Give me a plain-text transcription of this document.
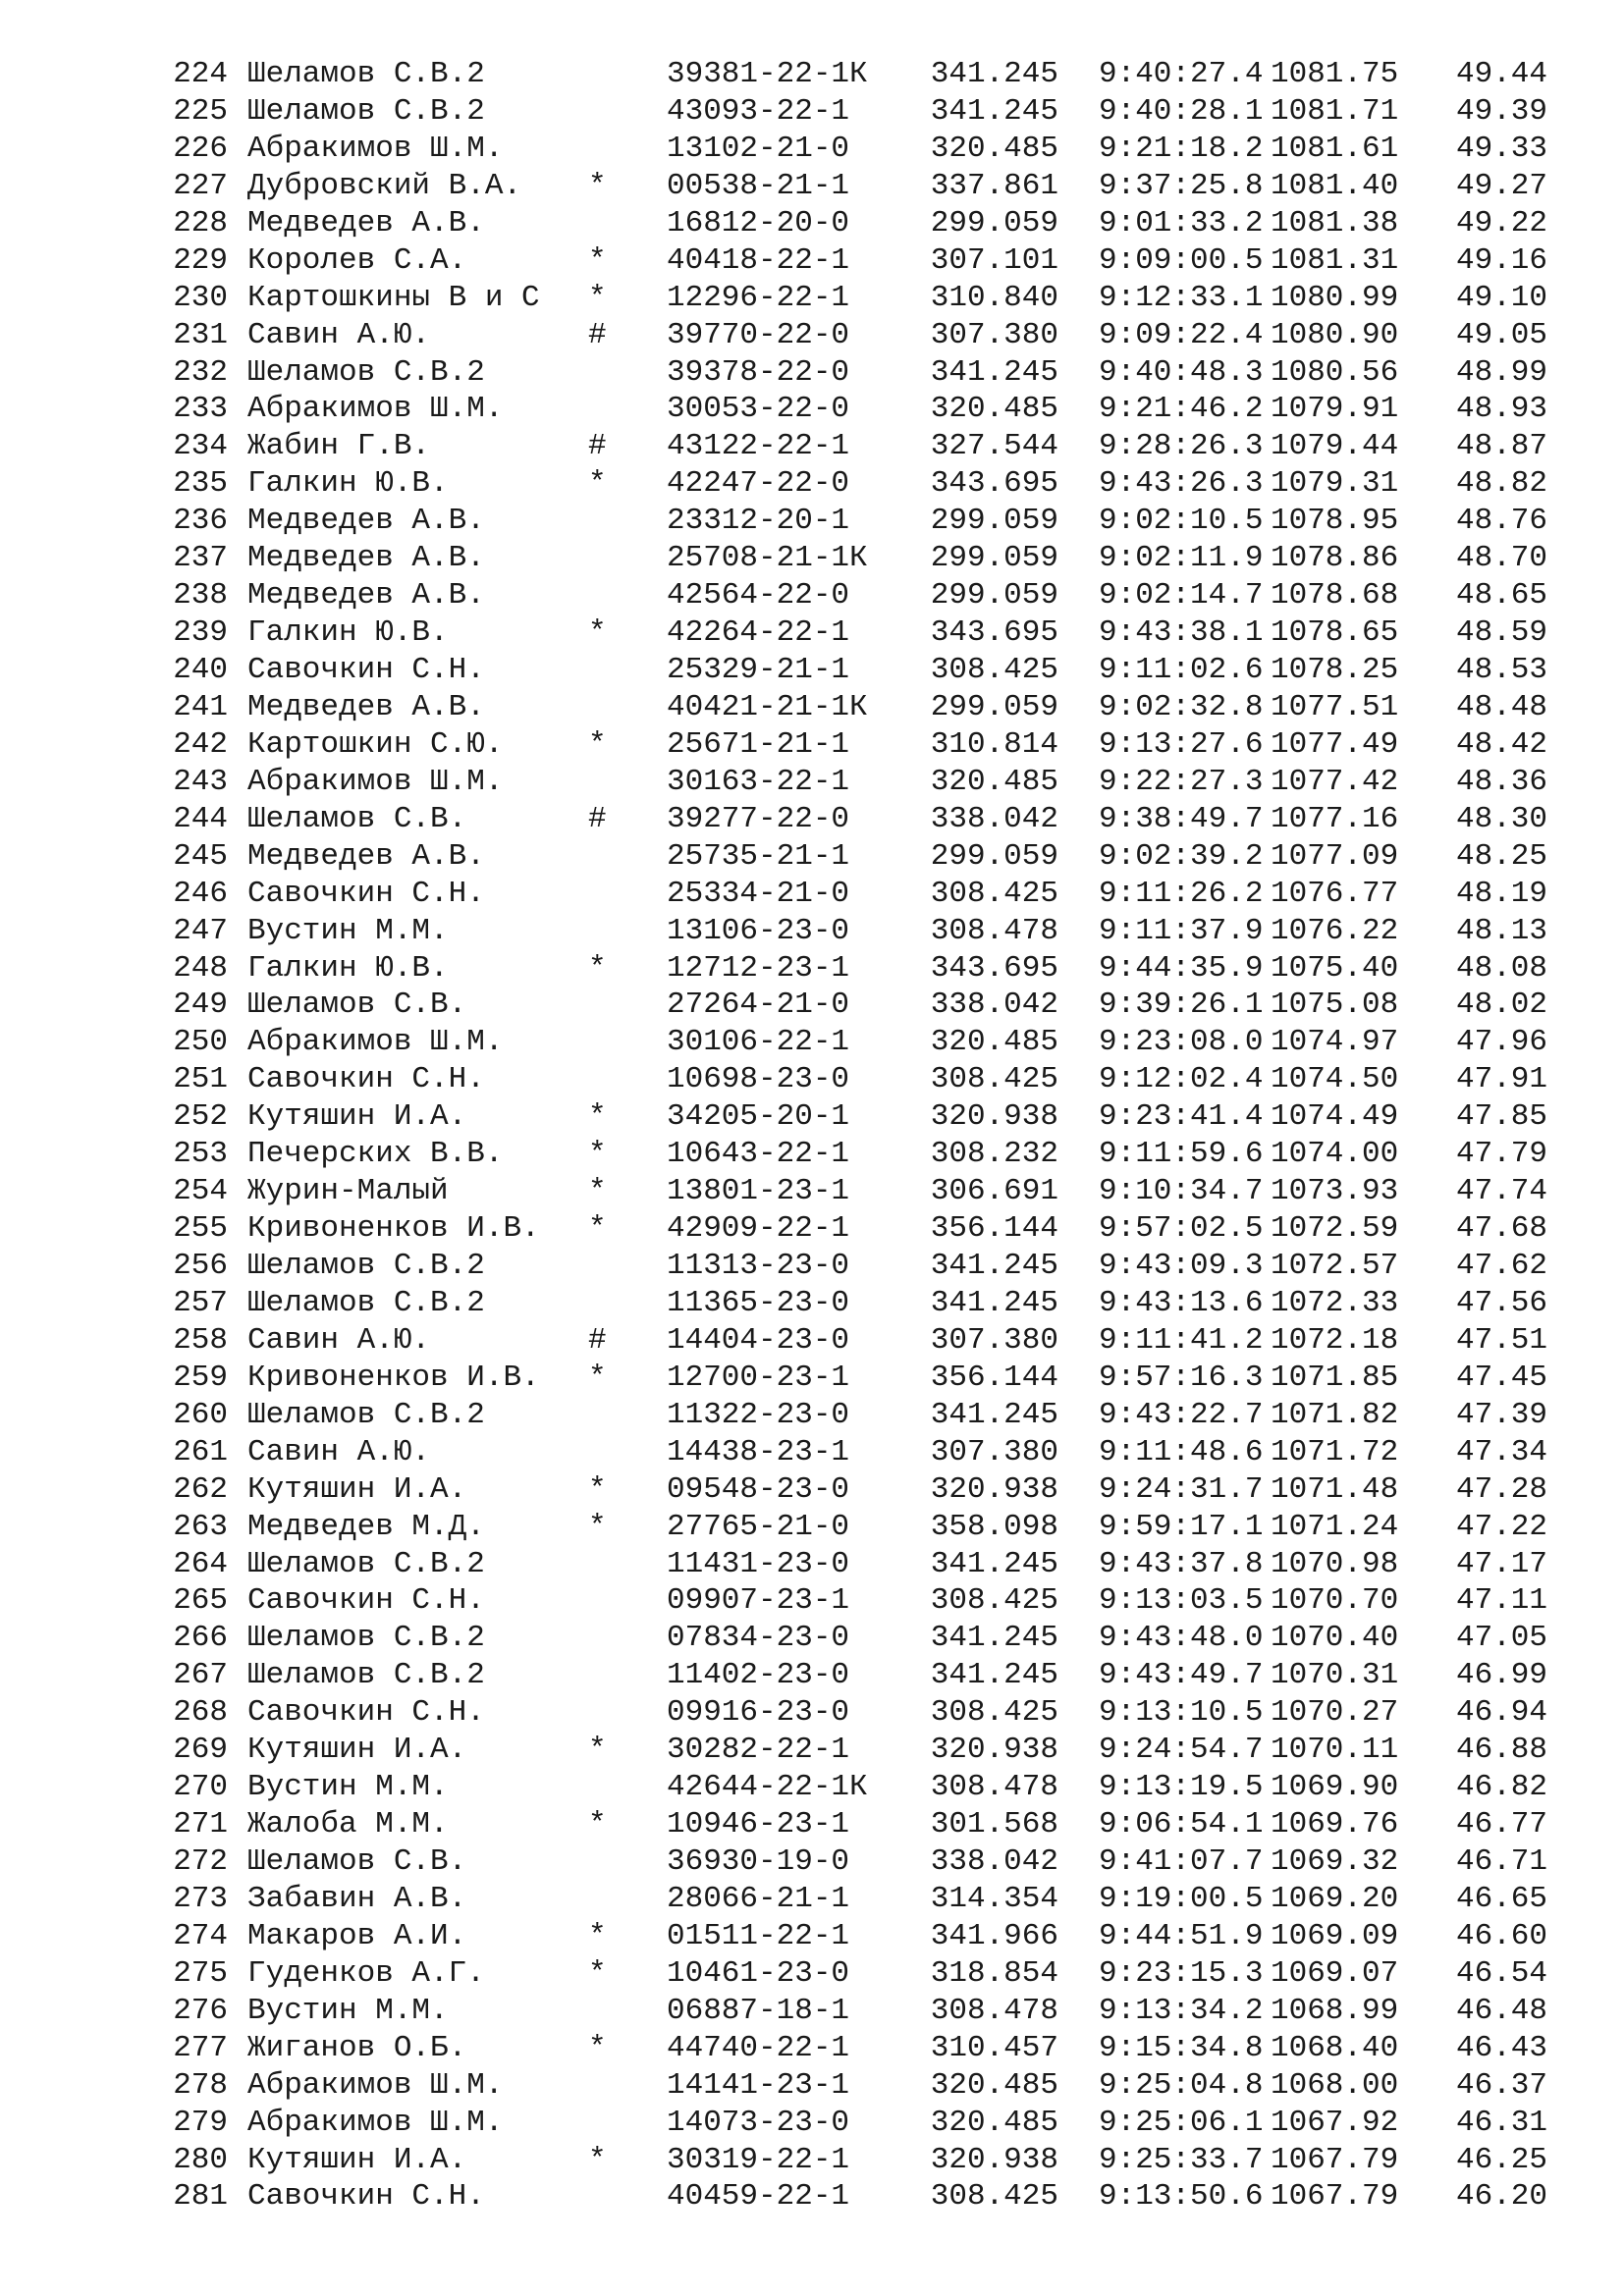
224 Шеламов С.В.2	39381-22-1К	341.245 9:40:27.4 1081.75	49.44
225 Шеламов С.В.2	43093-22-1	341.245 9:40:28.1 1081.71	49.39
226 Абракимов Ш.М.	13102-21-0	320.485 9:21:18.2 1081.61	49.33
227 Дубровский В.А. * 00538-21-1	337.861 9:37:25.8 1081.40	49.27
228 Медведев А.В.	16812-20-0	299.059 9:01:33.2 1081.38	49.22
229 Королев С.А.	* 40418-22-1	307.101 9:09:00.5 1081.31	49.16
230 Картошкины В и С * 12296-22-1	310.840 9:12:33.1 1080.99	49.10
231 Савин А.Ю.	# 39770-22-0	307.380 9:09:22.4 1080.90	49.05
232 Шеламов С.В.2	39378-22-0	341.245 9:40:48.3 1080.56	48.99
233 Абракимов Ш.М.	30053-22-0	320.485 9:21:46.2 1079.91	48.93
234 Жабин Г.В.	# 43122-22-1	327.544 9:28:26.3 1079.44	48.87
235 Галкин Ю.В.	* 42247-22-0	343.695 9:43:26.3 1079.31	48.82
236 Медведев А.В.	23312-20-1	299.059 9:02:10.5 1078.95	48.76
237 Медведев А.В.	25708-21-1К	299.059 9:02:11.9 1078.86	48.70
238 Медведев А.В.	42564-22-0	299.059 9:02:14.7 1078.68	48.65
239 Галкин Ю.В.	* 42264-22-1	343.695 9:43:38.1 1078.65	48.59
240 Савочкин С.Н.	25329-21-1	308.425 9:11:02.6 1078.25	48.53
241 Медведев А.В.	40421-21-1К	299.059 9:02:32.8 1077.51	48.48
242 Картошкин С.Ю.	* 25671-21-1	310.814 9:13:27.6 1077.49	48.42
243 Абракимов Ш.М.	30163-22-1	320.485 9:22:27.3 1077.42	48.36
244 Шеламов С.В.	# 39277-22-0	338.042 9:38:49.7 1077.16	48.30
245 Медведев А.В.	25735-21-1	299.059 9:02:39.2 1077.09	48.25
246 Савочкин С.Н.	25334-21-0	308.425 9:11:26.2 1076.77	48.19
247 Вустин М.М.	13106-23-0	308.478 9:11:37.9 1076.22	48.13
248 Галкин Ю.В.	* 12712-23-1	343.695 9:44:35.9 1075.40	48.08
249 Шеламов С.В.	27264-21-0	338.042 9:39:26.1 1075.08	48.02
250 Абракимов Ш.М.	30106-22-1	320.485 9:23:08.0 1074.97	47.96
251 Савочкин С.Н.	10698-23-0	308.425 9:12:02.4 1074.50	47.91
252 Кутяшин И.А.	* 34205-20-1	320.938 9:23:41.4 1074.49	47.85
253 Печерских В.В.	* 10643-22-1	308.232 9:11:59.6 1074.00	47.79
254 Журин-Малый	* 13801-23-1	306.691 9:10:34.7 1073.93	47.74
255 Кривоненков И.В. * 42909-22-1	356.144 9:57:02.5 1072.59	47.68
256 Шеламов С.В.2	11313-23-0	341.245 9:43:09.3 1072.57	47.62
257 Шеламов С.В.2	11365-23-0	341.245 9:43:13.6 1072.33	47.56
258 Савин А.Ю.	# 14404-23-0	307.380 9:11:41.2 1072.18	47.51
259 Кривоненков И.В. * 12700-23-1	356.144 9:57:16.3 1071.85	47.45
260 Шеламов С.В.2	11322-23-0	341.245 9:43:22.7 1071.82	47.39
261 Савин А.Ю.	14438-23-1	307.380 9:11:48.6 1071.72	47.34
262 Кутяшин И.А.	* 09548-23-0	320.938 9:24:31.7 1071.48	47.28
263 Медведев М.Д.	* 27765-21-0	358.098 9:59:17.1 1071.24	47.22
264 Шеламов С.В.2	11431-23-0	341.245 9:43:37.8 1070.98	47.17
265 Савочкин С.Н.	09907-23-1	308.425 9:13:03.5 1070.70	47.11
266 Шеламов С.В.2	07834-23-0	341.245 9:43:48.0 1070.40	47.05
267 Шеламов С.В.2	11402-23-0	341.245 9:43:49.7 1070.31	46.99
268 Савочкин С.Н.	09916-23-0	308.425 9:13:10.5 1070.27	46.94
269 Кутяшин И.А.	* 30282-22-1	320.938 9:24:54.7 1070.11	46.88
270 Вустин М.М.	42644-22-1К	308.478 9:13:19.5 1069.90	46.82
271 Жалоба М.М.	* 10946-23-1	301.568 9:06:54.1 1069.76	46.77
272 Шеламов С.В.	36930-19-0	338.042 9:41:07.7 1069.32	46.71
273 Забавин А.В.	28066-21-1	314.354 9:19:00.5 1069.20	46.65
274 Макаров А.И.	* 01511-22-1	341.966 9:44:51.9 1069.09	46.60
275 Гуденков А.Г.	* 10461-23-0	318.854 9:23:15.3 1069.07	46.54
276 Вустин М.М.	06887-18-1	308.478 9:13:34.2 1068.99	46.48
277 Жиганов О.Б.	* 44740-22-1	310.457 9:15:34.8 1068.40	46.43
278 Абракимов Ш.М.	14141-23-1	320.485 9:25:04.8 1068.00	46.37
279 Абракимов Ш.М.	14073-23-0	320.485 9:25:06.1 1067.92	46.31
280 Кутяшин И.А.	* 30319-22-1	320.938 9:25:33.7 1067.79	46.25
281 Савочкин С.Н.	40459-22-1	308.425 9:13:50.6 1067.79	46.20
